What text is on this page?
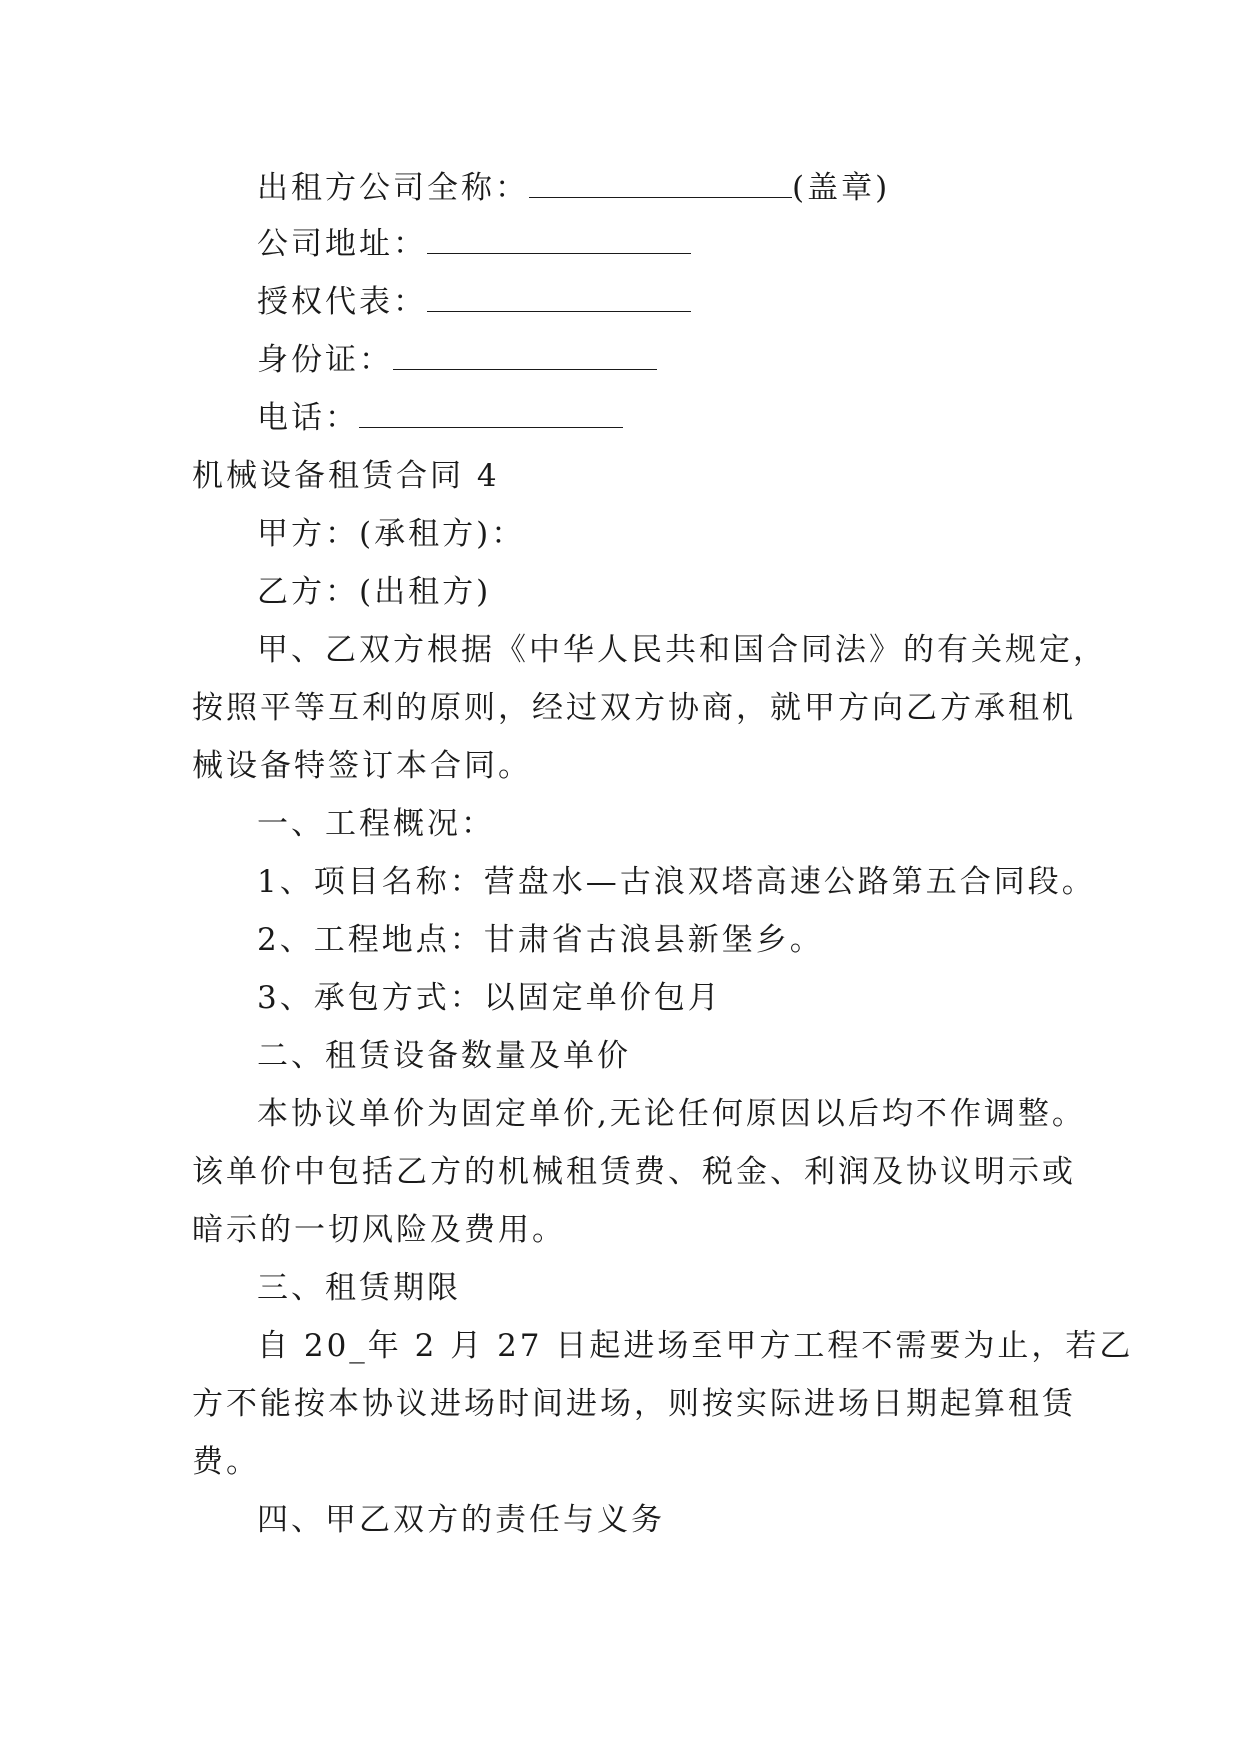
出租方公司全称：	(盖章)
公司地址：
授权代表：
身份证：
电话：
机械设备租赁合同 4
甲方：(承租方)：
乙方：(出租方)
甲、乙双方根据《中华人民共和国合同法》的有关规定，
按照平等互利的原则，经过双方协商，就甲方向乙方承租机
械设备特签订本合同。
一、工程概况：
1、项目名称：营盘水—古浪双塔高速公路第五合同段。
2、工程地点：甘肃省古浪县新堡乡。
3、承包方式：以固定单价包月
二、租赁设备数量及单价
本协议单价为固定单价,无论任何原因以后均不作调整。
该单价中包括乙方的机械租赁费、税金、利润及协议明示或
暗示的一切风险及费用。
三、租赁期限
自 20_年 2 月 27 日起进场至甲方工程不需要为止，若乙
方不能按本协议进场时间进场，则按实际进场日期起算租赁
费。
四、甲乙双方的责任与义务
